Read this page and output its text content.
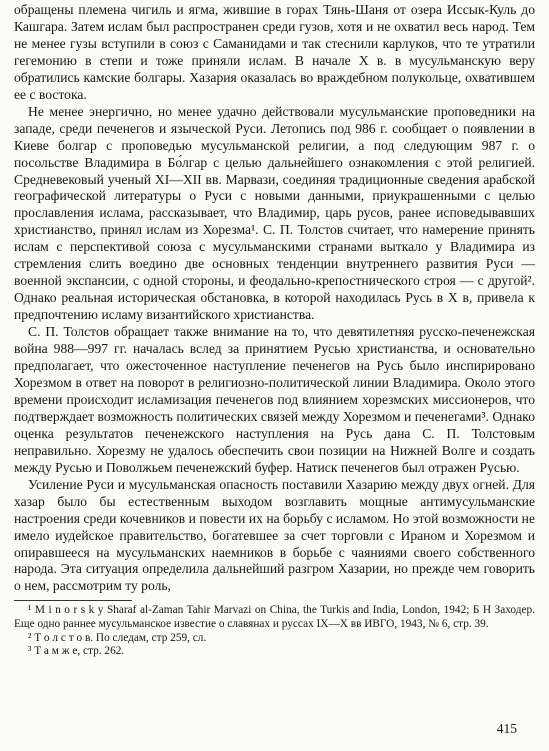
обращены племена чигиль и ягма, жившие в горах Тянь-Шаня от озера Иссык-Куль до Кашгара. Затем ислам был распространен среди гузов, хотя и не охватил весь народ. Тем не менее гузы вступили в союз с Саманидами и так стеснили карлуков, что те утратили гегемонию в степи и тоже приняли ислам. В начале X в. в мусульманскую веру обратились камские болгары. Хазария оказалась во враждебном полукольце, охватившем ее с востока.

Не менее энергично, но менее удачно действовали мусульманские проповедники на западе, среди печенегов и языческой Руси. Летопись под 986 г. сообщает о появлении в Киеве болгар с проповедью мусульманской религии, а под следующим 987 г. о посольстве Владимира в Бо́лгар с целью дальнейшего ознакомления с этой религией. Средневековый ученый XI—XII вв. Марвази, соединяя традиционные сведения арабской географической литературы о Руси с новыми данными, приукрашенными с целью прославления ислама, рассказывает, что Владимир, царь русов, ранее исповедывавших христианство, принял ислам из Хорезма¹. С. П. Толстов считает, что намерение принять ислам с перспективой союза с мусульманскими странами выткало у Владимира из стремления слить воедино две основных тенденции внутреннего развития Руси — военной экспансии, с одной стороны, и феодально-крепостнического строя — с другой². Однако реальная историческая обстановка, в которой находилась Русь в X в, привела к предпочтению исламу византийского христианства.

С. П. Толстов обращает также внимание на то, что девятилетняя русско-печенежская война 988—997 гг. началась вслед за принятием Русью христианства, и основательно предполагает, что ожесточенное наступление печенегов на Русь было инспирировано Хорезмом в ответ на поворот в религиозно-политической линии Владимира. Около этого времени происходит исламизация печенегов под влиянием хорезмских миссионеров, что подтверждает возможность политических связей между Хорезмом и печенегами³. Однако оценка результатов печенежского наступления на Русь дана С. П. Толстовым неправильно. Хорезму не удалось обеспечить свои позиции на Нижней Волге и создать между Русью и Поволжьем печенежский буфер. Натиск печенегов был отражен Русью.

Усиление Руси и мусульманская опасность поставили Хазарию между двух огней. Для хазар было бы естественным выходом возглавить мощные антимусульманские настроения среди кочевников и повести их на борьбу с исламом. Но этой возможности не имело иудейское правительство, богатевшее за счет торговли с Ираном и Хорезмом и опиравшееся на мусульманских наемников в борьбе с чаяниями своего собственного народа. Эта ситуация определила дальнейший разгром Хазарии, но прежде чем говорить о нем, рассмотрим ту роль,

¹ M i n o r s k y Sharaf al-Zaman Tahir Marvazi on China, the Turkis and India, London, 1942; Б Н Заходер. Еще одно раннее мусульманское известие о славянах и руссах IX—X вв ИВГО, 1943, № 6, стр. 39.

² Т о л с т о в. По следам, стр 259, сл.

³ Т а м ж е, стр. 262.

415
